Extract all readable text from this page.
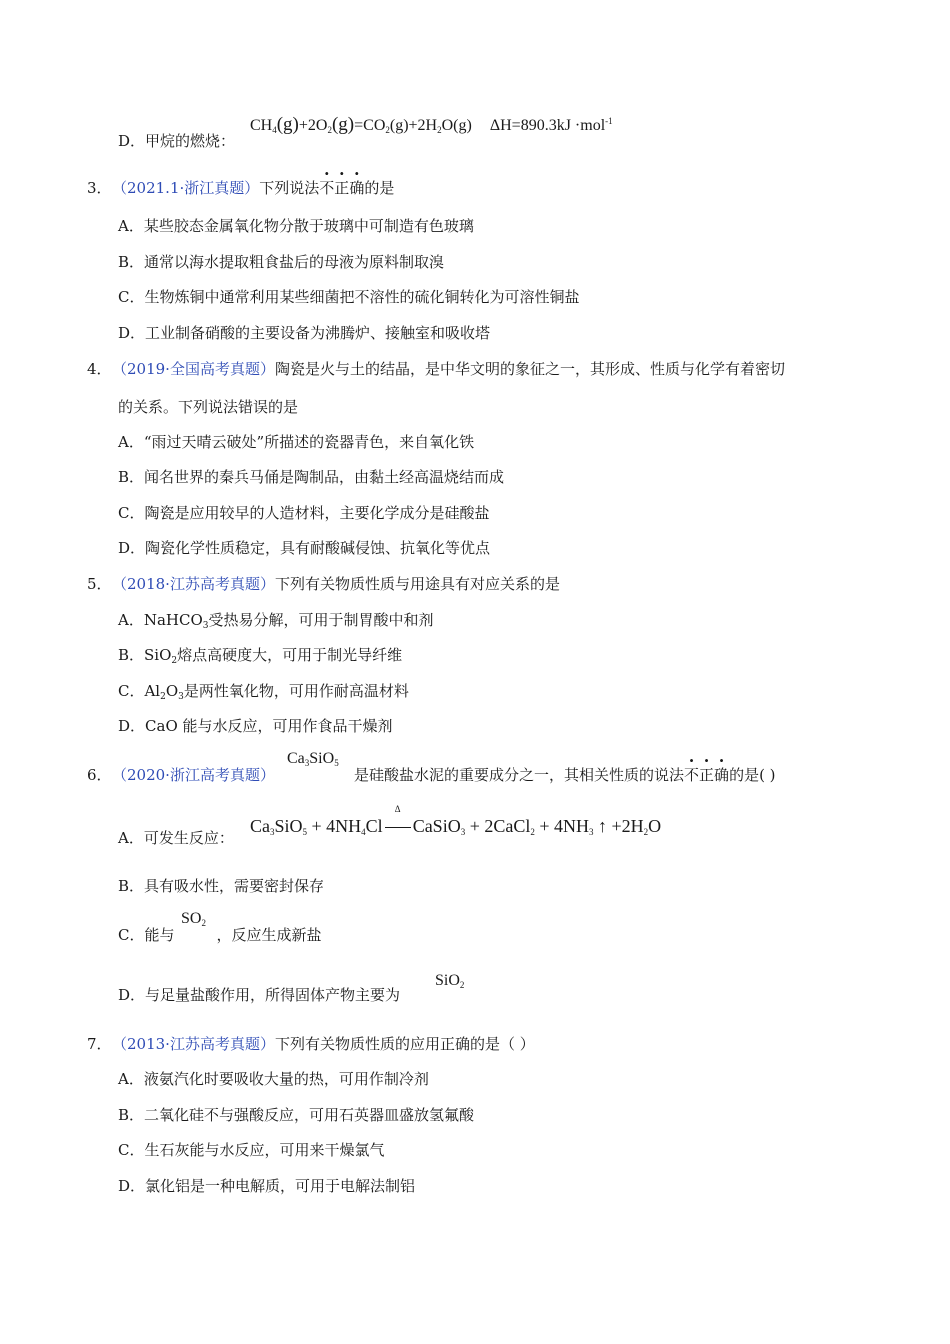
D．甲烷的燃烧：
$CH_4(g)+2O_2(g)=CO_2(g)+2H_2O(g)$ ΔH=890.3kJ ·mol$^{-1}$
3． （2021.1·浙江真题）下列说法不正确的是
A．某些胶态金属氧化物分散于玻璃中可制造有色玻璃
B．通常以海水提取粗食盐后的母液为原料制取溴
C．生物炼铜中通常利用某些细菌把不溶性的硫化铜转化为可溶性铜盐
D．工业制备硝酸的主要设备为沸腾炉、接触室和吸收塔
4． （2019·全国高考真题）陶瓷是火与土的结晶，是中华文明的象征之一，其形成、性质与化学有着密切
的关系。下列说法错误的是
A．“雨过天晴云破处”所描述的瓷器青色，来自氧化铁
B．闻名世界的秦兵马俑是陶制品，由黏土经高温烧结而成
C．陶瓷是应用较早的人造材料，主要化学成分是硅酸盐
D．陶瓷化学性质稳定，具有耐酸碱侵蚀、抗氧化等优点
5． （2018·江苏高考真题）下列有关物质性质与用途具有对应关系的是
A．NaHCO$_3$受热易分解，可用于制胃酸中和剂
B．SiO$_2$熔点高硬度大，可用于制光导纤维
C．$Al_2O_3$是两性氧化物，可用作耐高温材料
D．CaO 能与水反应，可用作食品干燥剂
6． （2020·浙江高考真题）
$Ca_3SiO_5$
是硅酸盐水泥的重要成分之一，其相关性质的说法不正确的是( )
A．可发生反应：
$Ca_3SiO_5 + 4NH_4Cl$
Δ
CaSiO$_3$ + 2CaCl$_2$ + $4NH_3$ ↑ $+2H_2O$
B．具有吸水性，需要密封保存
C．能与	，反应生成新盐
$SO_2$
D．与足量盐酸作用，所得固体产物主要为
SiO$_2$
7． （2013·江苏高考真题）下列有关物质性质的应用正确的是（ ）
A．液氨汽化时要吸收大量的热，可用作制冷剂
B．二氧化硅不与强酸反应，可用石英器皿盛放氢氟酸
C．生石灰能与水反应，可用来干燥氯气
D．氯化铝是一种电解质，可用于电解法制铝
